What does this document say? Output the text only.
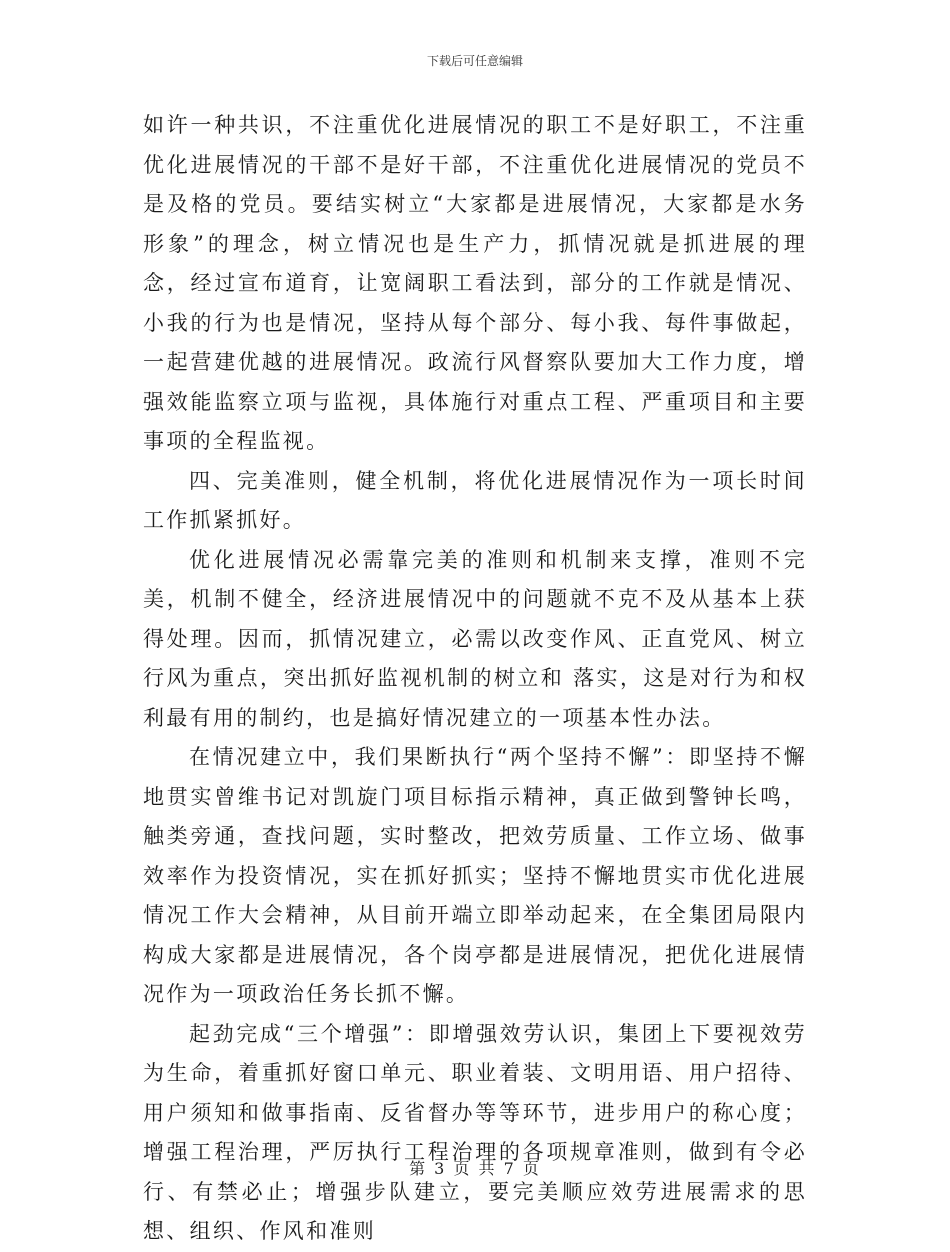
下载后可任意编辑

如许一种共识，不注重优化进展情况的职工不是好职工，不注重优化进展情况的干部不是好干部，不注重优化进展情况的党员不是及格的党员。要结实树立“大家都是进展情况，大家都是水务形象”的理念，树立情况也是生产力，抓情况就是抓进展的理念，经过宣布道育，让宽阔职工看法到，部分的工作就是情况、小我的行为也是情况，坚持从每个部分、每小我、每件事做起，一起营建优越的进展情况。政流行风督察队要加大工作力度，增强效能监察立项与监视，具体施行对重点工程、严重项目和主要事项的全程监视。

四、完美准则，健全机制，将优化进展情况作为一项长时间工作抓紧抓好。

优化进展情况必需靠完美的准则和机制来支撑，准则不完美，机制不健全，经济进展情况中的问题就不克不及从基本上获得处理。因而，抓情况建立，必需以改变作风、正直党风、树立行风为重点，突出抓好监视机制的树立和 落实，这是对行为和权利最有用的制约，也是搞好情况建立的一项基本性办法。

在情况建立中，我们果断执行“两个坚持不懈”：即坚持不懈地贯实曾维书记对凯旋门项目标指示精神，真正做到警钟长鸣，触类旁通，查找问题，实时整改，把效劳质量、工作立场、做事效率作为投资情况，实在抓好抓实；坚持不懈地贯实市优化进展情况工作大会精神，从目前开端立即举动起来，在全集团局限内构成大家都是进展情况，各个岗亭都是进展情况，把优化进展情况作为一项政治任务长抓不懈。

起劲完成“三个增强”：即增强效劳认识，集团上下要视效劳为生命，着重抓好窗口单元、职业着装、文明用语、用户招待、用户须知和做事指南、反省督办等等环节，进步用户的称心度；增强工程治理，严厉执行工程治理的各项规章准则，做到有令必行、有禁必止；增强步队建立，要完美顺应效劳进展需求的思想、组织、作风和准则

第 3 页 共 7 页
